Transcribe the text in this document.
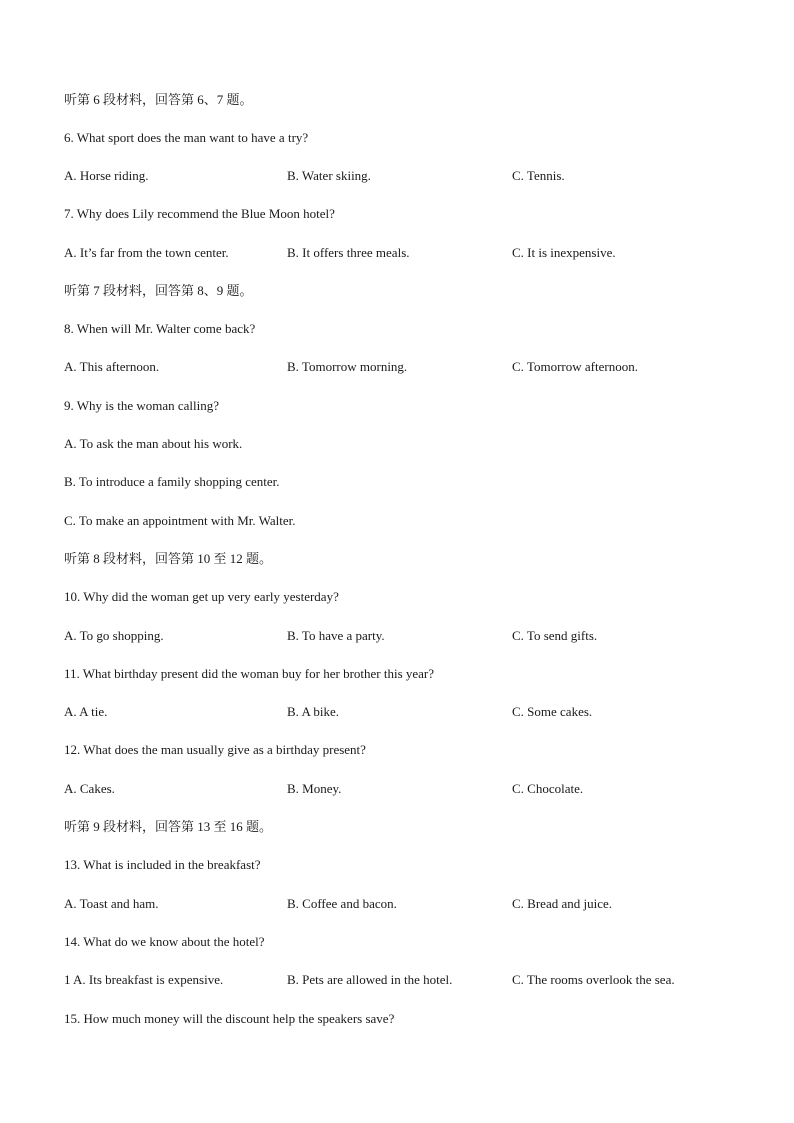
听第 6 段材料，回答第 6、7 题。
6. What sport does the man want to have a try?
A. Horse riding.	B. Water skiing.	C. Tennis.
7. Why does Lily recommend the Blue Moon hotel?
A. It’s far from the town center.	B. It offers three meals.	C. It is inexpensive.
听第 7 段材料，回答第 8、9 题。
8. When will Mr. Walter come back?
A. This afternoon.	B. Tomorrow morning.	C. Tomorrow afternoon.
9. Why is the woman calling?
A. To ask the man about his work.
B. To introduce a family shopping center.
C. To make an appointment with Mr. Walter.
听第 8 段材料，回答第 10 至 12 题。
10. Why did the woman get up very early yesterday?
A. To go shopping.	B. To have a party.	C. To send gifts.
11. What birthday present did the woman buy for her brother this year?
A. A tie.	B. A bike.	C. Some cakes.
12. What does the man usually give as a birthday present?
A. Cakes.	B. Money.	C. Chocolate.
听第 9 段材料，回答第 13 至 16 题。
13. What is included in the breakfast?
A. Toast and ham.	B. Coffee and bacon.	C. Bread and juice.
14. What do we know about the hotel?
1 A. Its breakfast is expensive.	B. Pets are allowed in the hotel.	C. The rooms overlook the sea.
15. How much money will the discount help the speakers save?
